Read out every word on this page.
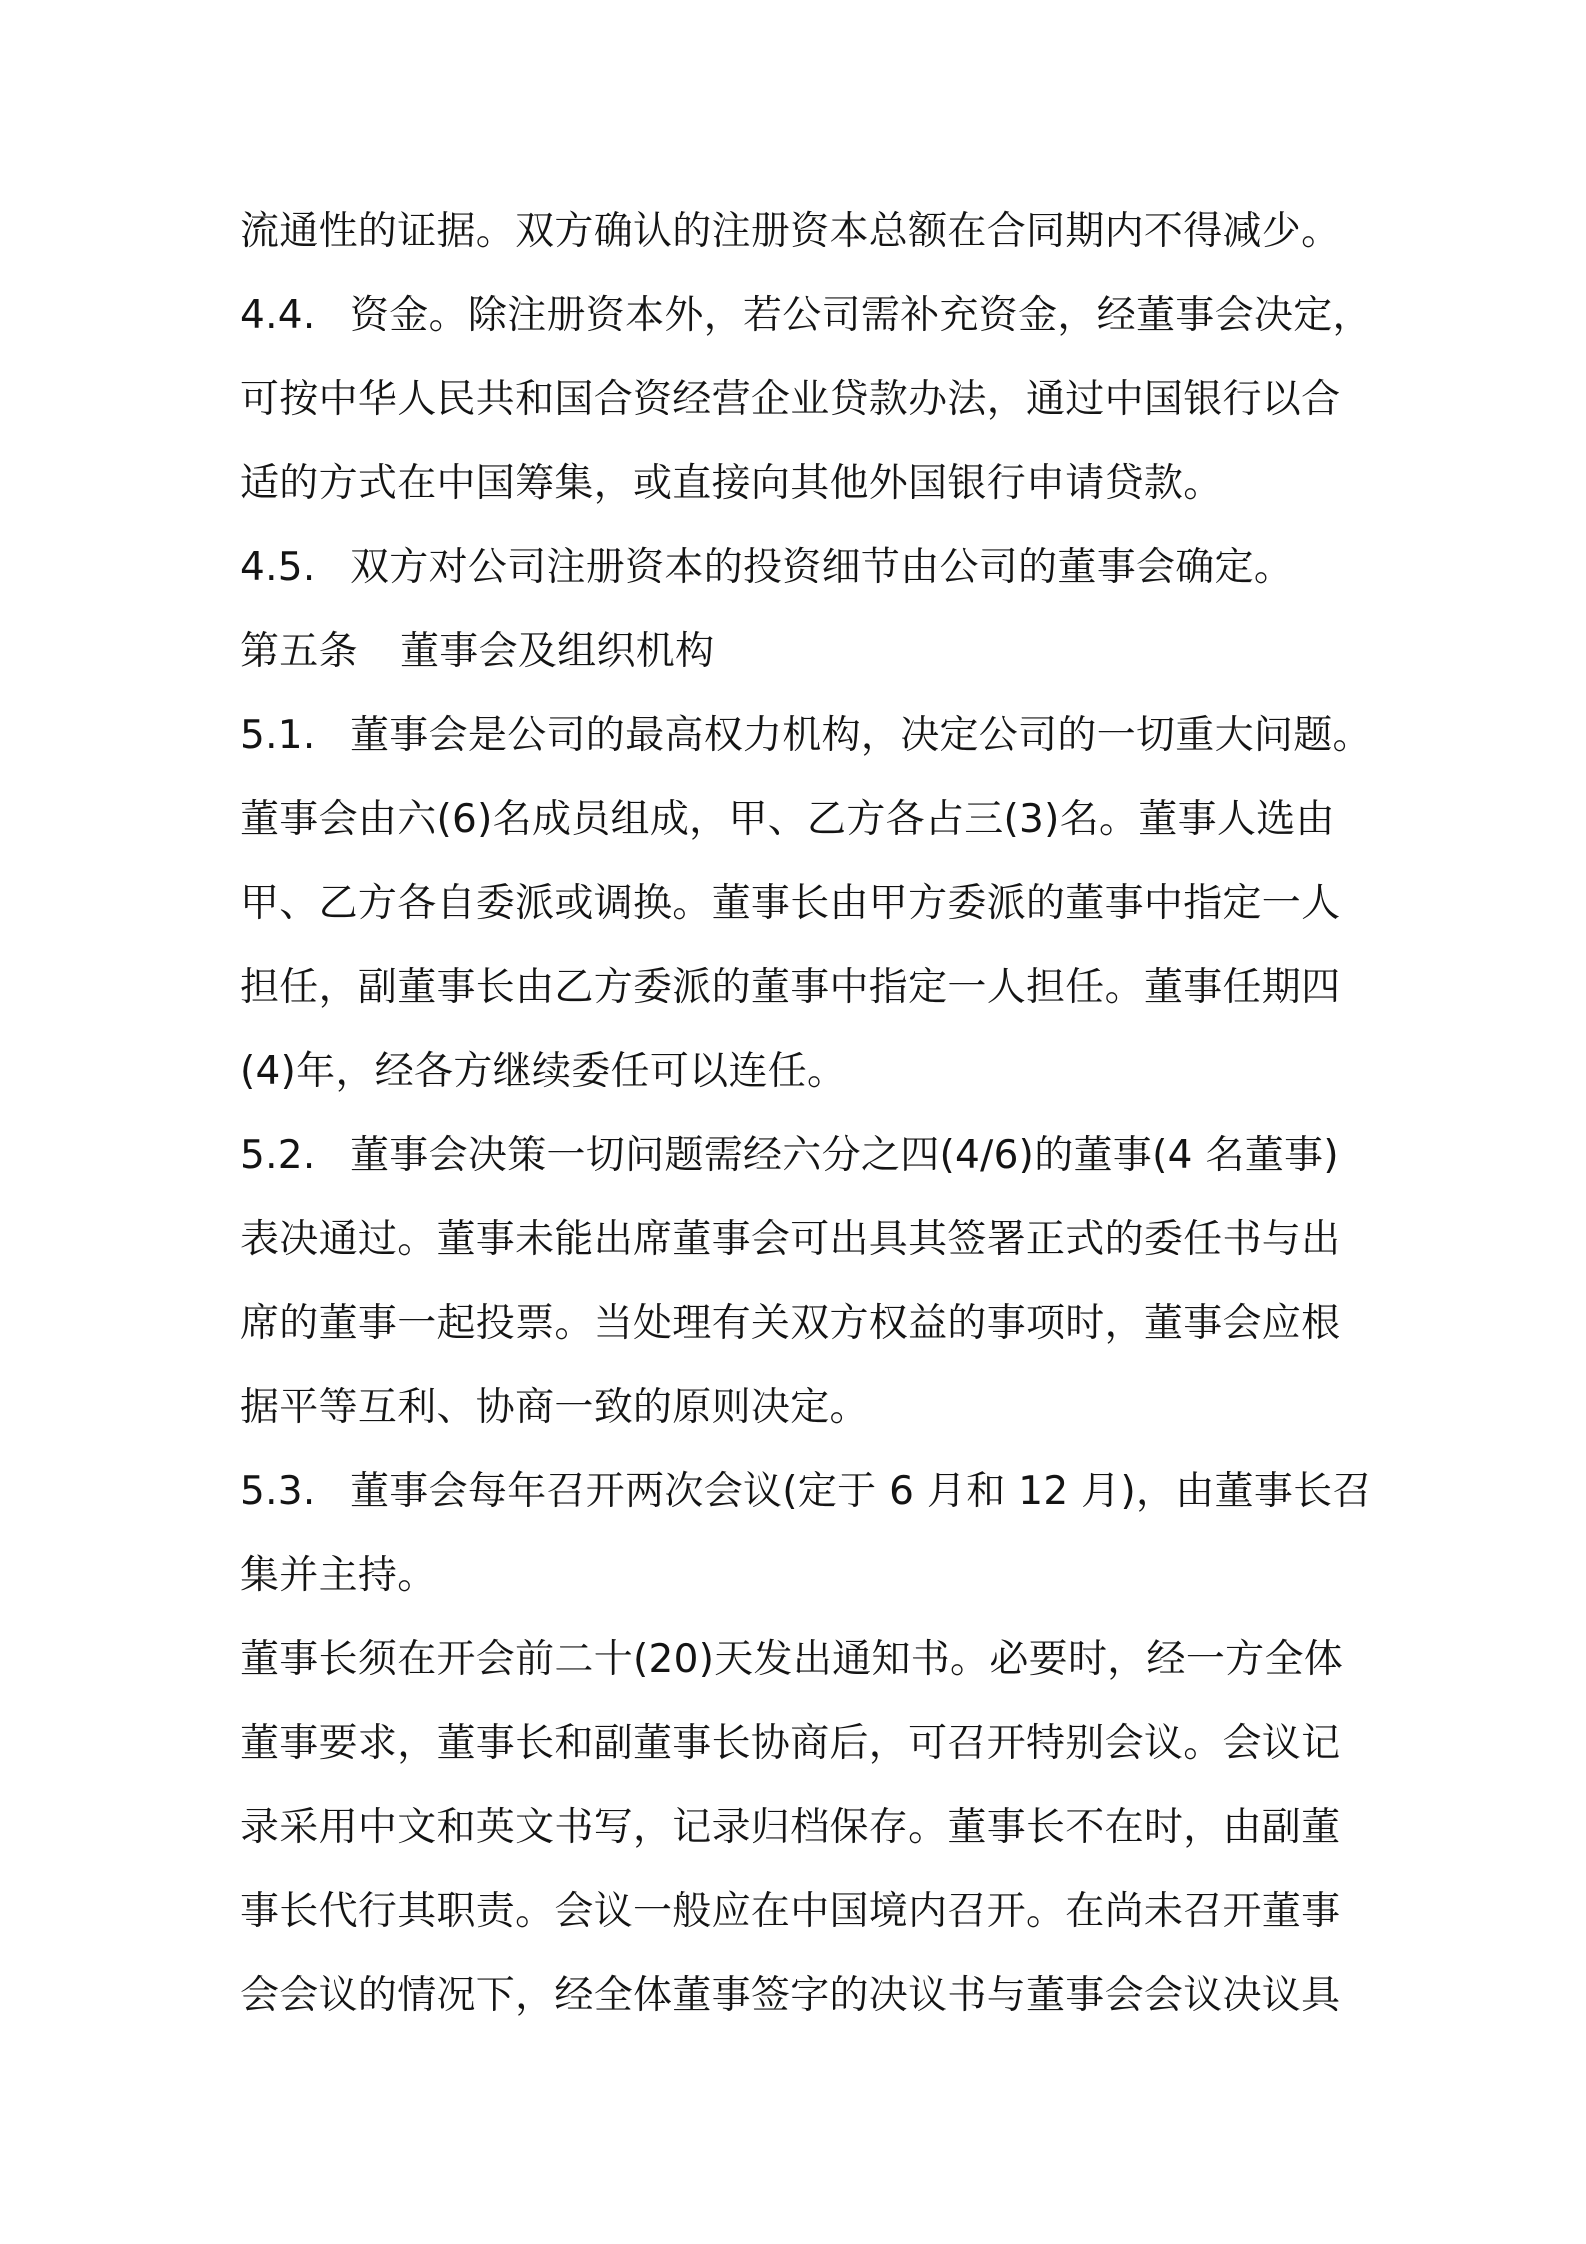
流通性的证据。双方确认的注册资本总额在合同期内不得减少。
4.4. 资金。除注册资本外，若公司需补充资金，经董事会决定，
可按中华人民共和国合资经营企业贷款办法，通过中国银行以合
适的方式在中国筹集，或直接向其他外国银行申请贷款。
4.5. 双方对公司注册资本的投资细节由公司的董事会确定。
第五条 董事会及组织机构
5.1. 董事会是公司的最高权力机构，决定公司的一切重大问题。
董事会由六(6)名成员组成，甲、乙方各占三(3)名。董事人选由
甲、乙方各自委派或调换。董事长由甲方委派的董事中指定一人
担任，副董事长由乙方委派的董事中指定一人担任。董事任期四
(4)年，经各方继续委任可以连任。
5.2. 董事会决策一切问题需经六分之四(4/6)的董事(4 名董事)
表决通过。董事未能出席董事会可出具其签署正式的委任书与出
席的董事一起投票。当处理有关双方权益的事项时，董事会应根
据平等互利、协商一致的原则决定。
5.3. 董事会每年召开两次会议(定于 6 月和 12 月)，由董事长召
集并主持。
董事长须在开会前二十(20)天发出通知书。必要时，经一方全体
董事要求，董事长和副董事长协商后，可召开特别会议。会议记
录采用中文和英文书写，记录归档保存。董事长不在时，由副董
事长代行其职责。会议一般应在中国境内召开。在尚未召开董事
会会议的情况下，经全体董事签字的决议书与董事会会议决议具
